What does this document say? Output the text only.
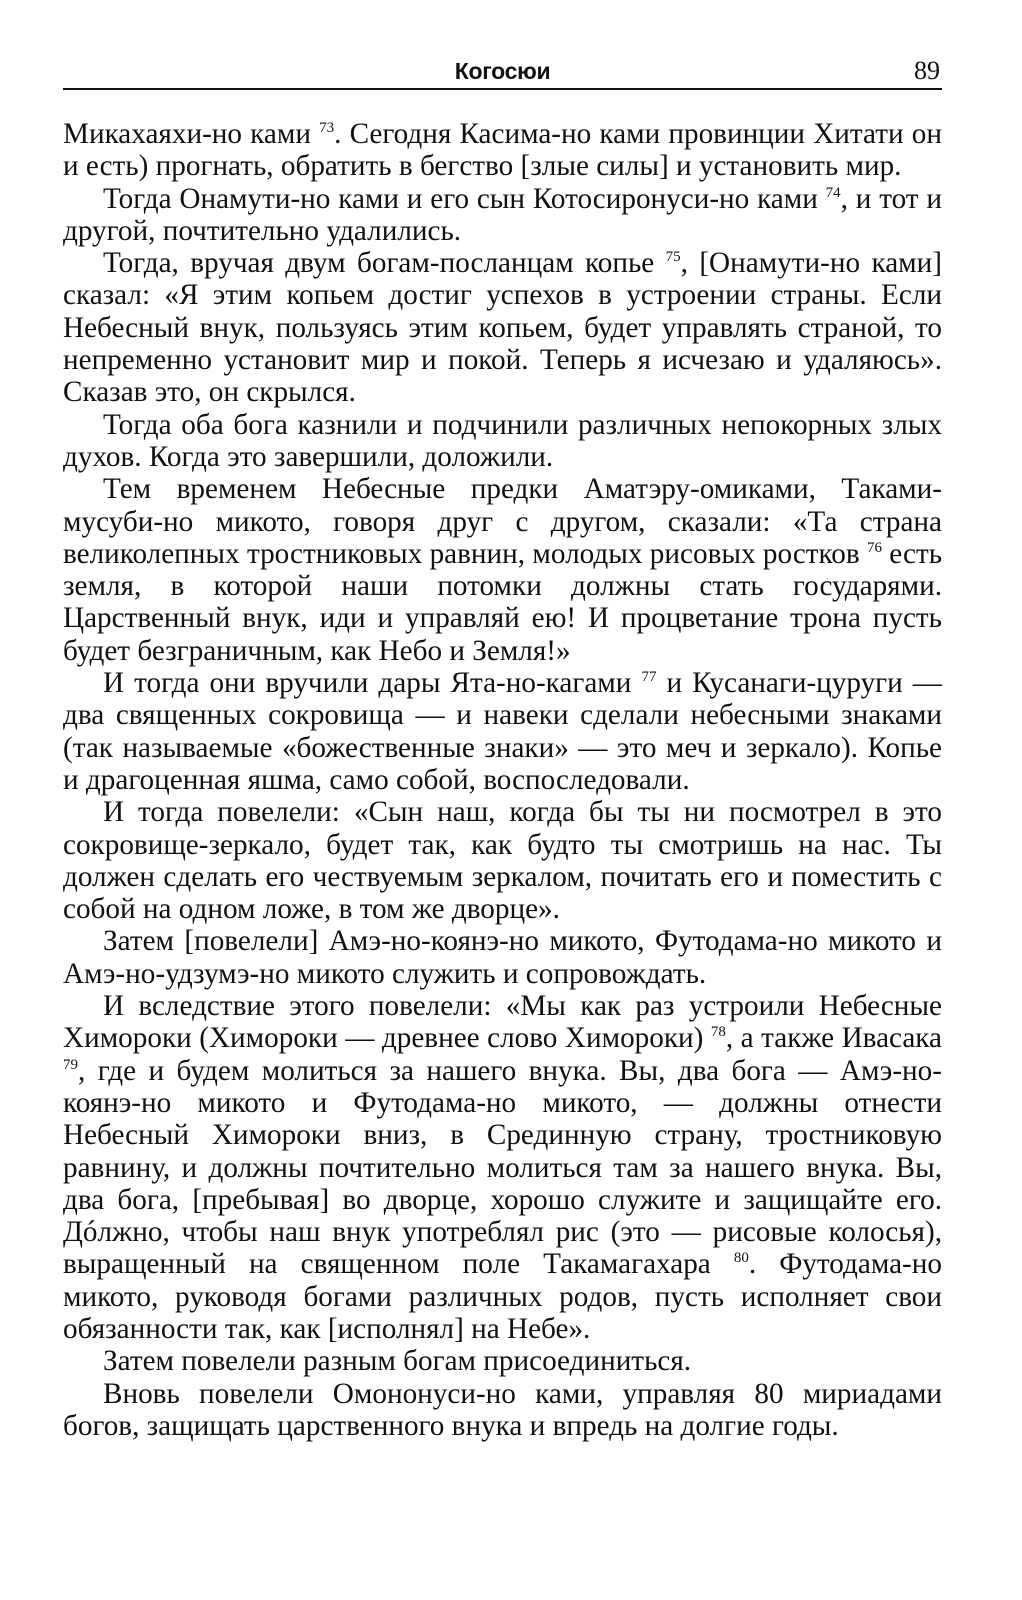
Когосюи	89

Микахаяхи-но ками $^{73}$. Сегодня Касима-но ками провинции Хитати он и есть) прогнать, обратить в бегство [злые силы] и установить мир.

Тогда Онамути-но ками и его сын Котосиронуси-но ками $^{74}$, и тот и другой, почтительно удалились.

Тогда, вручая двум богам-посланцам копье $^{75}$, [Онамути-но ками] сказал: «Я этим копьем достиг успехов в устроении страны. Если Небесный внук, пользуясь этим копьем, будет управлять страной, то непременно установит мир и покой. Теперь я исчезаю и удаляюсь». Сказав это, он скрылся.

Тогда оба бога казнили и подчинили различных непокорных злых духов. Когда это завершили, доложили.

Тем временем Небесные предки Аматэру-омиками, Таками-мусуби-но микото, говоря друг с другом, сказали: «Та страна великолепных тростниковых равнин, молодых рисовых ростков $^{76}$ есть земля, в которой наши потомки должны стать государями. Царственный внук, иди и управляй ею! И процветание трона пусть будет безграничным, как Небо и Земля!»

И тогда они вручили дары Ята-но-кагами $^{77}$ и Кусанаги-цуруги — два священных сокровища — и навеки сделали небесными знаками (так называемые «божественные знаки» — это меч и зеркало). Копье и драгоценная яшма, само собой, воспоследовали.

И тогда повелели: «Сын наш, когда бы ты ни посмотрел в это сокровище-зеркало, будет так, как будто ты смотришь на нас. Ты должен сделать его чествуемым зеркалом, почитать его и поместить с собой на одном ложе, в том же дворце».

Затем [повелели] Амэ-но-коянэ-но микото, Футодама-но микото и Амэ-но-удзумэ-но микото служить и сопровождать.

И вследствие этого повелели: «Мы как раз устроили Небесные Химороки (Химороки — древнее слово Химороки) $^{78}$, а также Ивасака $^{79}$, где и будем молиться за нашего внука. Вы, два бога — Амэ-но-коянэ-но микото и Футодама-но микото, — должны отнести Небесный Химороки вниз, в Срединную страну, тростниковую равнину, и должны почтительно молиться там за нашего внука. Вы, два бога, [пребывая] во дворце, хорошо служите и защищайте его. Дóлжно, чтобы наш внук употреблял рис (это — рисовые колосья), выращенный на священном поле Такамагахара $^{80}$. Футодама-но микото, руководя богами различных родов, пусть исполняет свои обязанности так, как [исполнял] на Небе».

Затем повелели разным богам присоединиться.

Вновь повелели Омононуси-но ками, управляя 80 мириадами богов, защищать царственного внука и впредь на долгие годы.
